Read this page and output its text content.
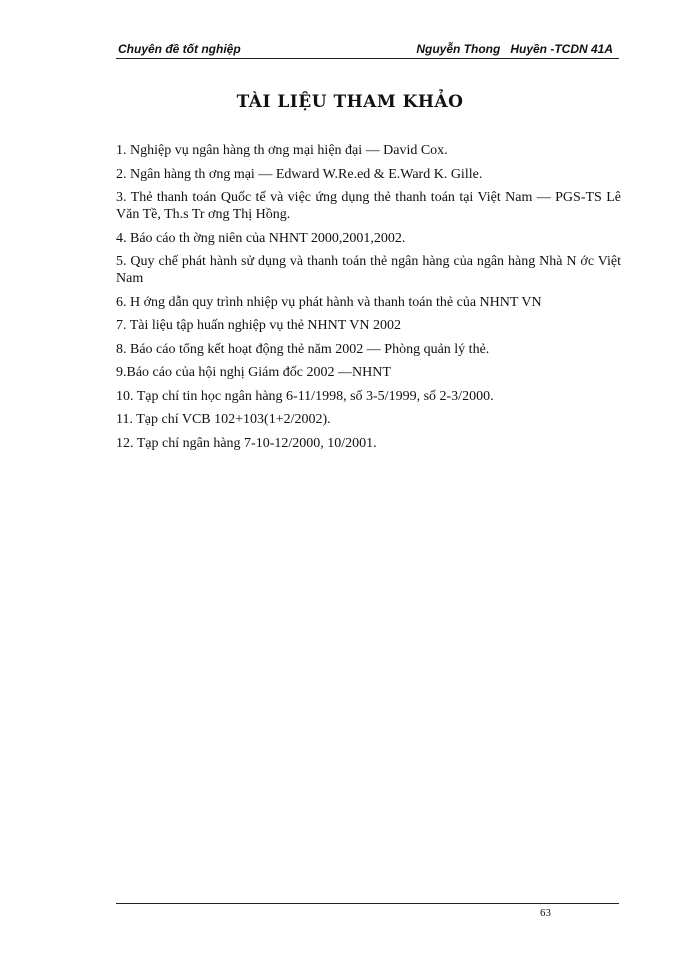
Chuyên đề tốt nghiệp	Nguyễn Thong   Huyền -TCDN 41A
TÀI LIỆU THAM KHẢO
1. Nghiệp vụ ngân hàng th ơng mại hiện đại — David Cox.
2. Ngân hàng th ơng mại — Edward W.Re.ed & E.Ward K. Gille.
3. Thẻ thanh toán Quốc tế và việc ứng dụng thẻ thanh toán tại Việt Nam — PGS-TS Lê Văn Tề, Th.s Tr ơng Thị Hồng.
4. Báo cáo th ờng niên của NHNT 2000,2001,2002.
5. Quy chế phát hành sử dụng và thanh toán thẻ ngân hàng của ngân hàng Nhà N ớc Việt Nam
6. H ớng dẫn quy trình nhiệp vụ phát hành và thanh toán thẻ của NHNT VN
7. Tài liệu tập huấn nghiệp vụ thẻ NHNT VN 2002
8. Báo cáo tổng kết hoạt động thẻ năm 2002 — Phòng quản lý thẻ.
9.Báo cáo của hội nghị Giám đốc 2002 —NHNT
10. Tạp chí tin học ngân hàng 6-11/1998, số 3-5/1999, số 2-3/2000.
11. Tạp chí VCB 102+103(1+2/2002).
12. Tạp chí ngân hàng 7-10-12/2000, 10/2001.
63
